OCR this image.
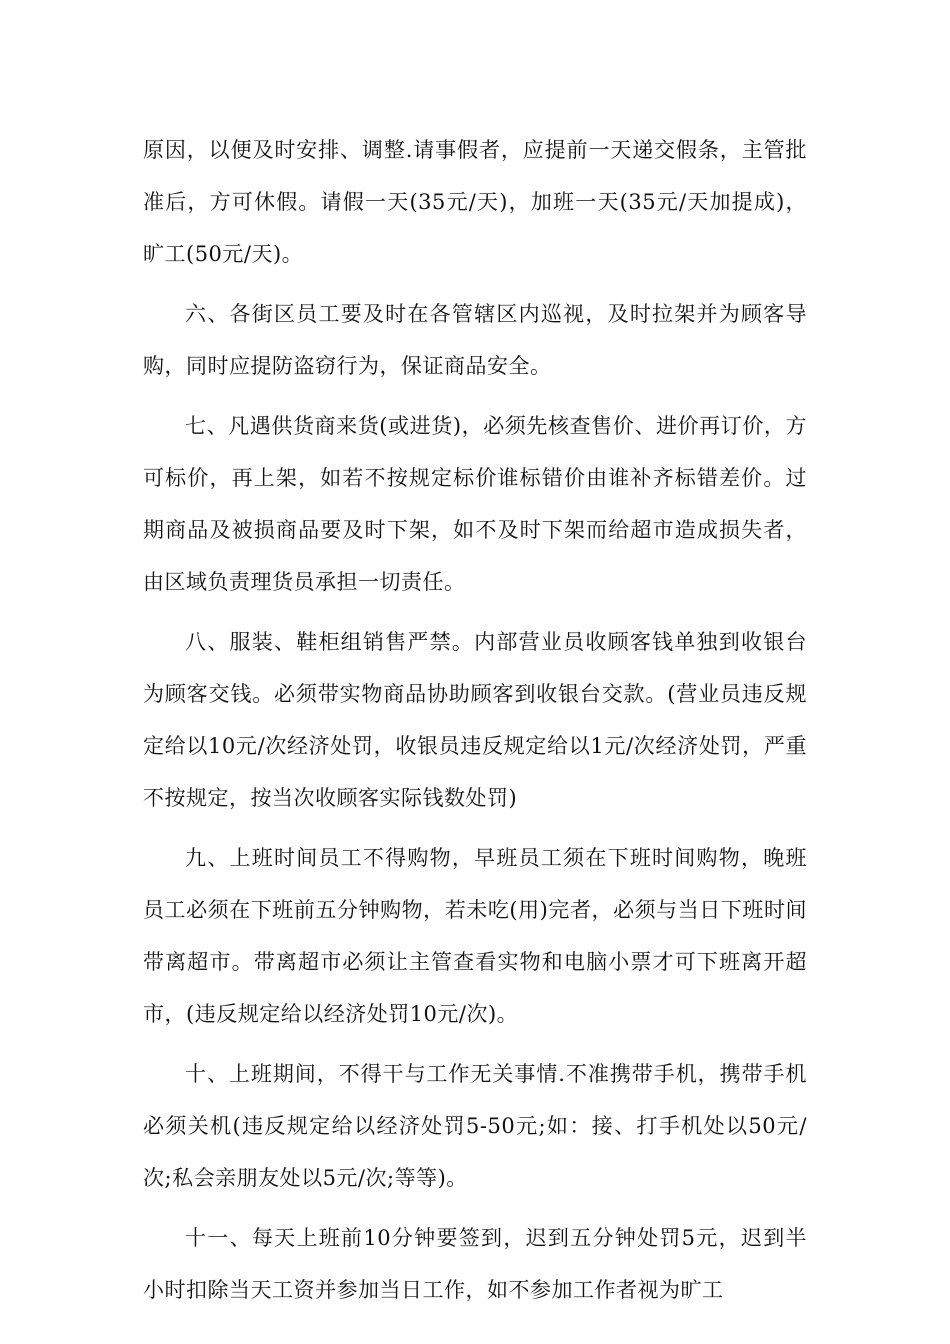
原因，以便及时安排、调整.请事假者，应提前一天递交假条，主管批准后，方可休假。请假一天(35元/天)，加班一天(35元/天加提成)，旷工(50元/天)。

六、各街区员工要及时在各管辖区内巡视，及时拉架并为顾客导购，同时应提防盗窃行为，保证商品安全。

七、凡遇供货商来货(或进货)，必须先核查售价、进价再订价，方可标价，再上架，如若不按规定标价谁标错价由谁补齐标错差价。过期商品及被损商品要及时下架，如不及时下架而给超市造成损失者，由区域负责理货员承担一切责任。

八、服装、鞋柜组销售严禁。内部营业员收顾客钱单独到收银台为顾客交钱。必须带实物商品协助顾客到收银台交款。(营业员违反规定给以10元/次经济处罚，收银员违反规定给以1元/次经济处罚，严重不按规定，按当次收顾客实际钱数处罚)

九、上班时间员工不得购物，早班员工须在下班时间购物，晚班员工必须在下班前五分钟购物，若未吃(用)完者，必须与当日下班时间带离超市。带离超市必须让主管查看实物和电脑小票才可下班离开超市，(违反规定给以经济处罚10元/次)。

十、上班期间，不得干与工作无关事情.不准携带手机，携带手机必须关机(违反规定给以经济处罚5-50元;如：接、打手机处以50元/次;私会亲朋友处以5元/次;等等)。

十一、每天上班前10分钟要签到，迟到五分钟处罚5元，迟到半小时扣除当天工资并参加当日工作，如不参加工作者视为旷工
